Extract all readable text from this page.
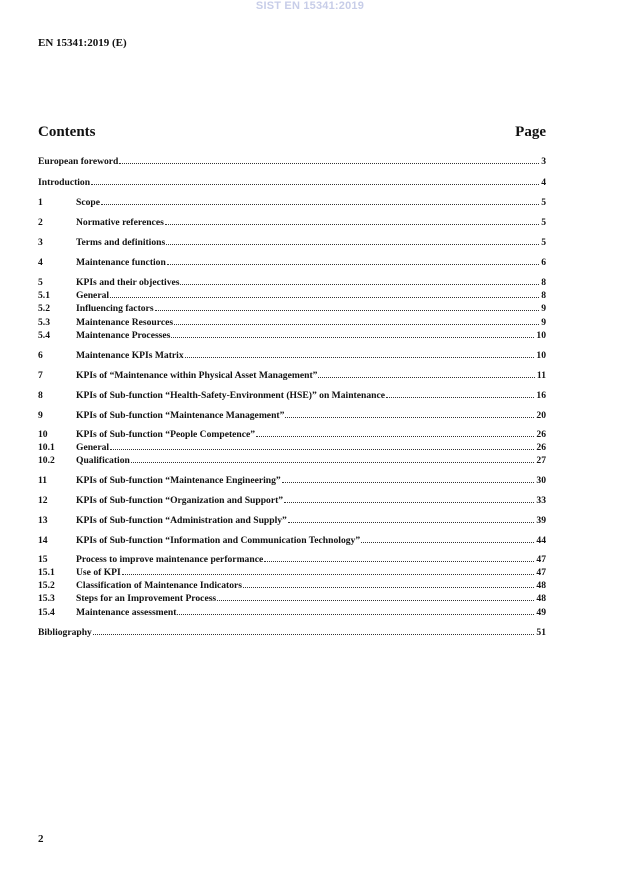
SIST EN 15341:2019
EN 15341:2019 (E)
Contents	Page
European foreword	3
Introduction	4
1	Scope	5
2	Normative references	5
3	Terms and definitions	5
4	Maintenance function	6
5	KPIs and their objectives	8
5.1	General	8
5.2	Influencing factors	9
5.3	Maintenance Resources	9
5.4	Maintenance Processes	10
6	Maintenance KPIs Matrix	10
7	KPIs of “Maintenance within Physical Asset Management”	11
8	KPIs of Sub-function “Health-Safety-Environment (HSE)” on Maintenance	16
9	KPIs of Sub-function “Maintenance Management”	20
10	KPIs of Sub-function “People Competence”	26
10.1	General	26
10.2	Qualification	27
11	KPIs of Sub-function “Maintenance Engineering”	30
12	KPIs of Sub-function “Organization and Support”	33
13	KPIs of Sub-function “Administration and Supply”	39
14	KPIs of Sub-function “Information and Communication Technology”	44
15	Process to improve maintenance performance	47
15.1	Use of KPI	47
15.2	Classification of Maintenance Indicators	48
15.3	Steps for an Improvement Process	48
15.4	Maintenance assessment	49
Bibliography	51
2
